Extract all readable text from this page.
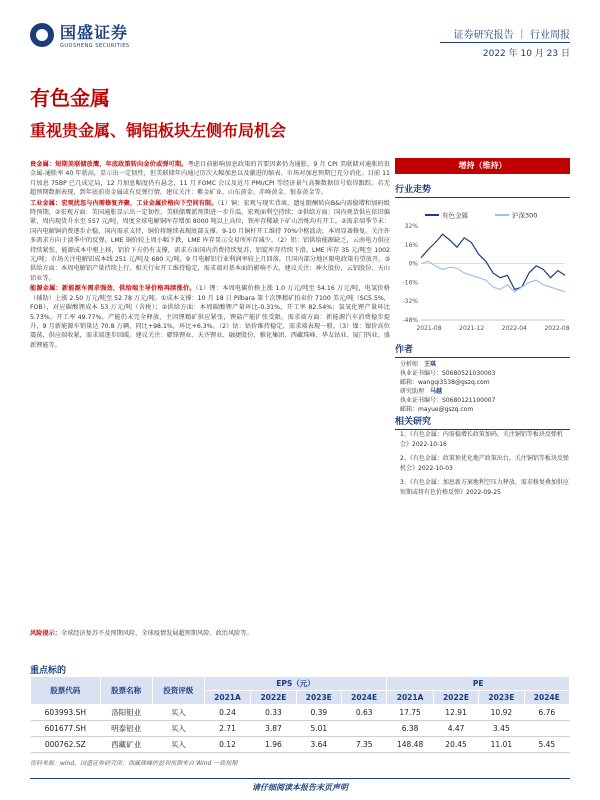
国盛证券
GUOSHENG SECURITIES
证券研究报告 ｜ 行业周报
2022 年 10 月 23 日
有色金属
重视贵金属、铜铝板块左侧布局机会

贵金属：短期美联储放鹰，年底政策转向金价或弹可期。考虑目前影响加息政策的首要因素仍为通胀，9 月 CPI 美联储对通胀的贵金属-通胀率 40 年新高，显示出一定韧性，但美联储年内通过历次大幅加息以及激进的缩表。市场对加息预期已充分消化。目前 11 月加息 75BP 已几成定局，12 月加息幅度仍有悬念，11 月 FOMC 会议及近月 PMI/CPI 等经济景气高频数据信号值得跟踪。若无超预期数据表现，到年底前贵金属或有反弹行情。建议关注：紫金矿业、山东黄金、赤峰黄金、银泰黄金等。

工业金属：宏观扰忽与内需修复齐聚，工业金属价格向下空间有限。（1）铜：宏观与现实背离，遗址限酮转向B&内需稳增和加码级降预期，②宏观方面：美国通胀显示出一定韧性，美联储鹰派预期进一步升温，宏观面利空持续；③供给方面：国内观货供应依旧偏紧，周内现货升水至 557 元/吨，周度全球电解铜库存增加 8000 吨以上高位，铁库存稀缺下矿山冶炼均有开工。②需求端季节末：国内电解铜消费逐步企稳，国内需求支持，铜价将继续表现底部支撑。9-10 月铜杆开工维持 70%中枢波动，本周显著修复。关注许多需求方向于淡季中的反弹。LME 铜价较上周小幅下跌，LME 库存显示交易所库存减少。（2）铝：铝供给能源缺乏，云南电力供应持续紧张，能源成本中枢上移，铝价下方仍有支撑，需求方面国内消费持续复苏，铝锭库存持续下滑。LME 库存 35 元/吨至 1002 元/吨；市场关注电解铝成本线 251 元/吨及 680 元/吨。9 月电解铝行业利润率较上月回落，且国内部分地区限电政策有望放开。③供给方面：本周电解铝产量持续上行。相关行业开工维持稳定，需求端对基本面的影响不大，建议关注：神火股份、云铝股份、天山铝业等。

能源金属：新能源车需求强劲，供给端主导价格再续涨价。（1）锂：本周电碳价格上涨 1.0 万元/吨至 54.16 万元/吨，电氢价格（辅助）上涨 2.50 万元/吨至 52.78 万元/吨。①成本支撑：10 月 18 日 Pilbara 第十次锂精矿拍卖价 7100 美元/吨（SC5.5%，FOB），对应碳酸锂成本 53 万元/吨（含税）；②供给方面：本周碳酸锂产量环比-0.31%，开工率 82.54%；氢氧化锂产量环比 5.73%，开工率 49.77%。产能仍未完全释放，主因锂精矿供应紧张，锂盐产能扩张受限。需求端方面：新能源汽车消费稳步提升，9 月新能源车销量达 70.8 万辆，同比+98.1%，环比+6.3%。（2）钴：钴价维持稳定，需求端表现一般。（3）镍：镍价高位震荡，供应端收紧，需求端逐步回暖。建议关注：赣锋锂业、天齐锂业、融捷股份、雅化集团、西藏珠峰、华友钴业、厦门钨业、盛新锂能等。

风险提示：全球经济复苏不及预期风险、全球疫情发展超预期风险、政治风险等。
增持（维持）
行业走势
有色金属	沪深300
32%
16%
0%
-16%
-32%
-48%
2021-08	2021-12	2022-04	2022-08
作者
分析师　 王琪
执业证书编号：S0680521030003
邮箱：wangqi3538@gszq.com
研究助理　 马越
执业证书编号：S0680121100007
邮箱：mayue@gszq.com
相关研究
1、《有色金属：内需稳增长政策加码，关注铜铝等板块反弹机会》2022-10-16
2、《有色金属：政策预优化地产政策出台，关注铜铝等板块反弹机会》2022-10-03
3、《有色金属：加息新方案地利空压力释放，需求修复叠加供应短期或将有色价格反弹》2022-09-25
重点标的
股票代码	股票名称	投资评级	EPS（元）				PE			
			2021A	2022E	2023E	2024E	2021A	2022E	2023E	2024E
603993.SH	洛阳钼业	买入	0.24	0.33	0.39	0.63	17.75	12.91	10.92	6.76
601677.SH	明泰铝业	买入	2.71	3.87	5.01		6.38	4.47	3.45	
000762.SZ	西藏矿业	买入	0.12	1.96	3.64	7.35	148.48	20.45	11.01	5.45
资料来源：wind，国盛证券研究所；西藏珠峰的盈利预测来自 Wind 一致预期
请仔细阅读本报告末页声明
